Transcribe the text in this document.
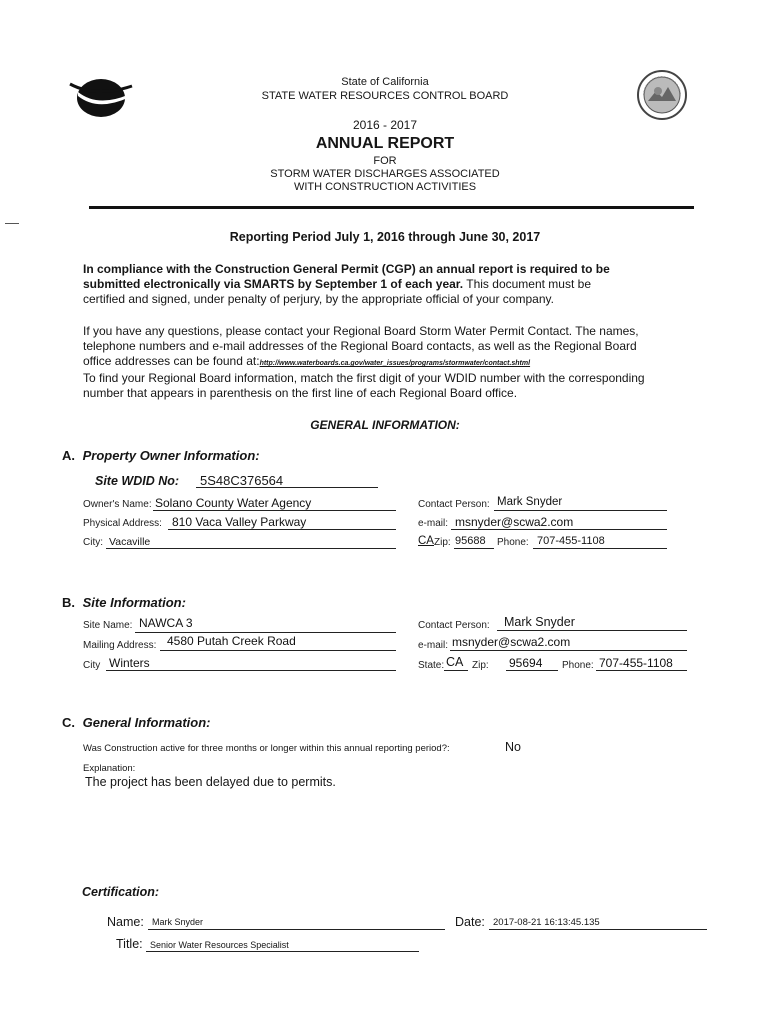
State of California
STATE WATER RESOURCES CONTROL BOARD
2016 - 2017
ANNUAL REPORT
FOR
STORM WATER DISCHARGES ASSOCIATED
WITH CONSTRUCTION ACTIVITIES
Reporting Period July 1, 2016 through June 30, 2017
In compliance with the Construction General Permit (CGP) an annual report is required to be
submitted electronically via SMARTS by September 1 of each year. This document must be
certified and signed, under penalty of perjury, by the appropriate official of your company.
If you have any questions, please contact your Regional Board Storm Water Permit Contact. The names,
telephone numbers and e-mail addresses of the Regional Board contacts, as well as the Regional Board
office addresses can be found at:http://www.waterboards.ca.gov/water_issues/programs/stormwater/contact.shtml
To find your Regional Board information, match the first digit of your WDID number with the corresponding
number that appears in parenthesis on the first line of each Regional Board office.
GENERAL INFORMATION:
A. Property Owner Information:
Site WDID No: 5S48C376564
Owner's Name: Solano County Water Agency
Physical Address: 810 Vaca Valley Parkway
City: Vacaville
Contact Person: Mark Snyder
e-mail: msnyder@scwa2.com
CA Zip: 95688 Phone: 707-455-1108
B. Site Information:
Site Name: NAWCA 3
Mailing Address: 4580 Putah Creek Road
City Winters
Contact Person: Mark Snyder
e-mail: msnyder@scwa2.com
State: CA Zip: 95694 Phone: 707-455-1108
C. General Information:
Was Construction active for three months or longer within this annual reporting period?:	No
Explanation:
The project has been delayed due to permits.
Certification:
Name: Mark Snyder	Date: 2017-08-21 16:13:45.135
Title: Senior Water Resources Specialist
